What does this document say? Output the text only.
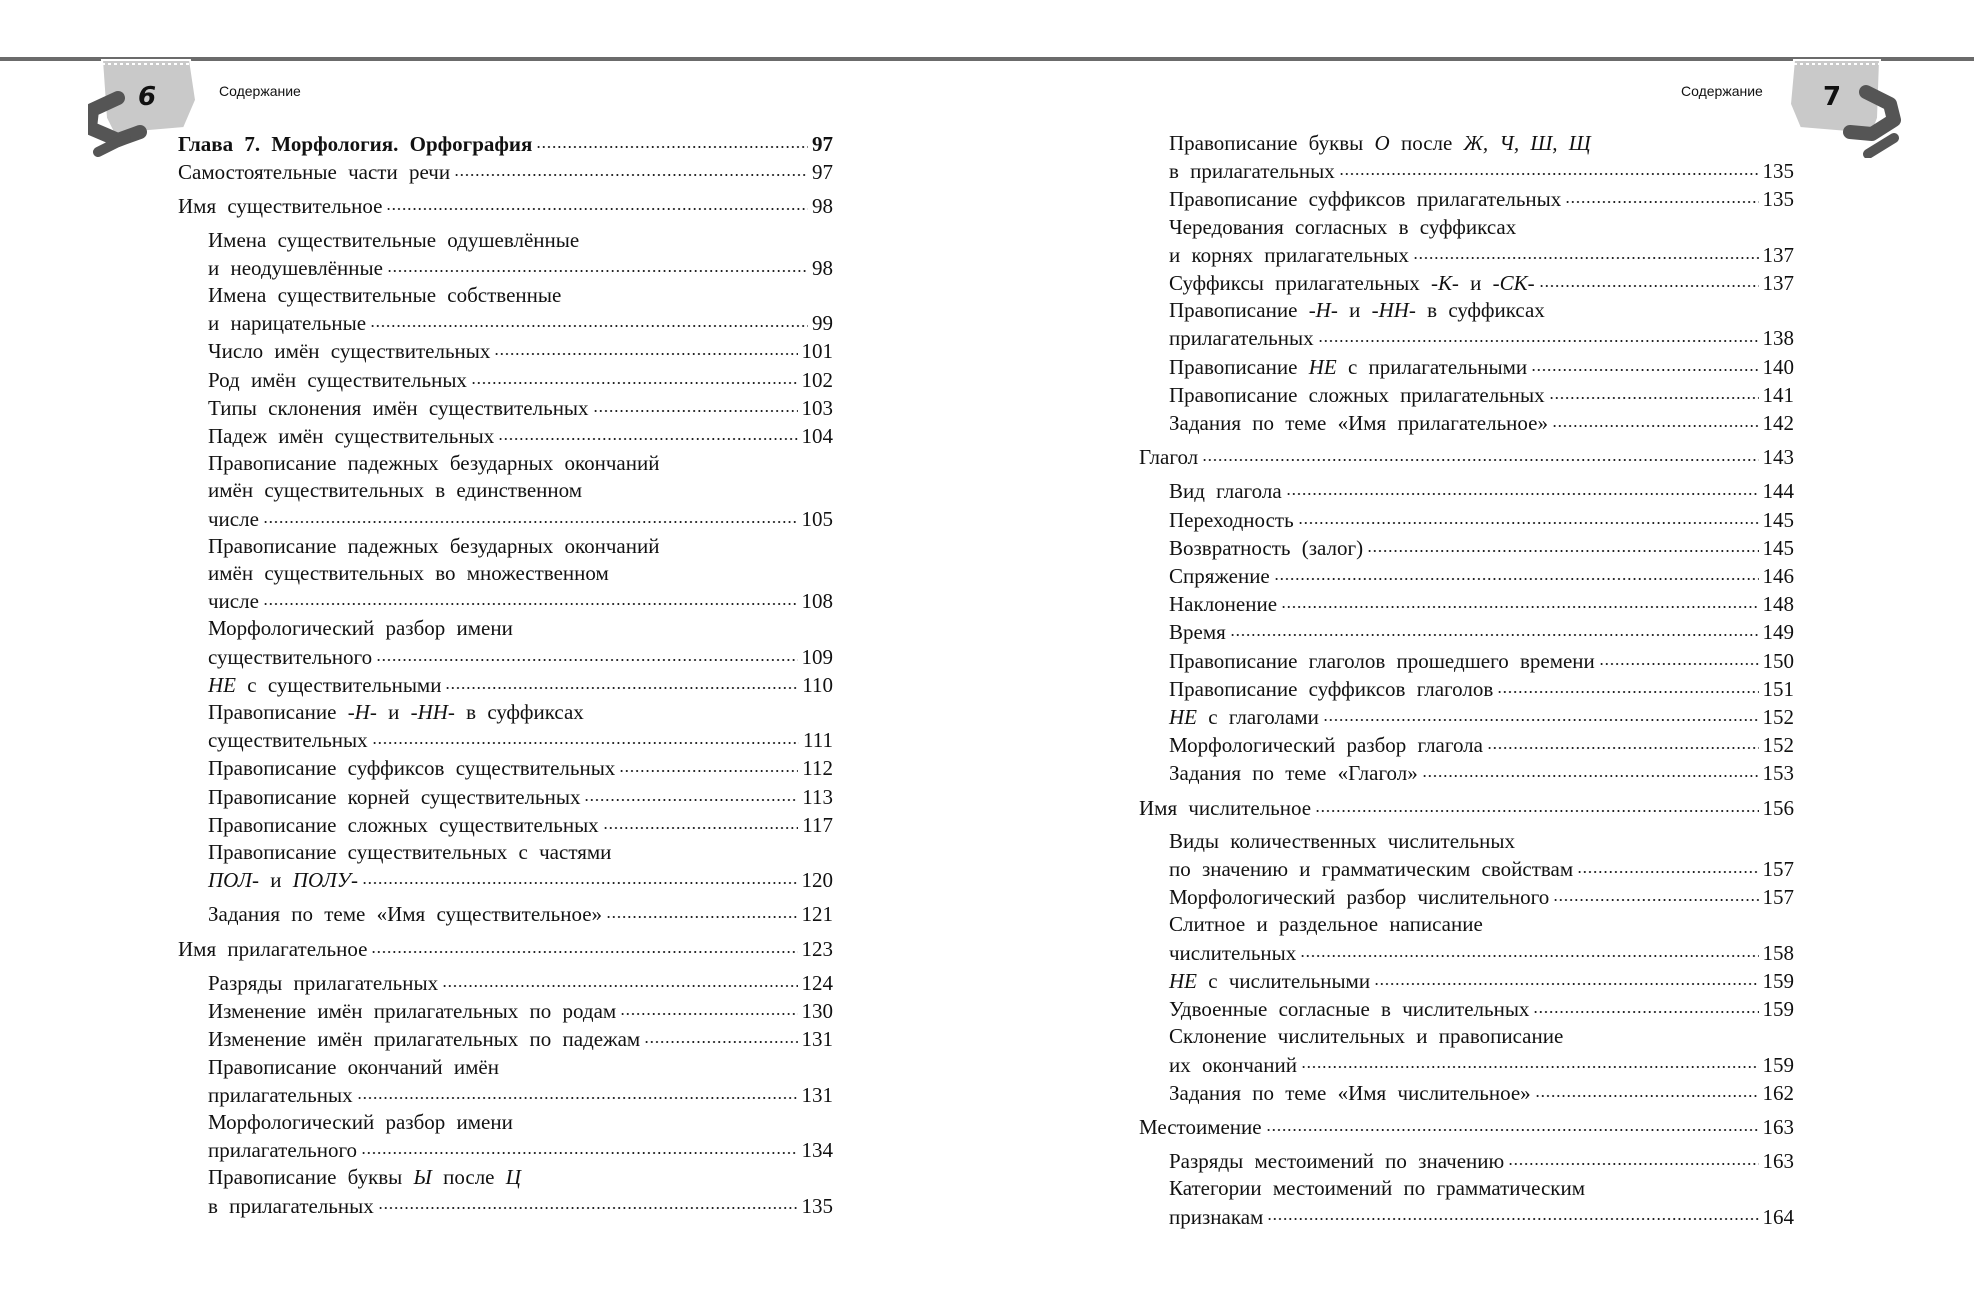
6	Содержание	7
Содержание
Глава 7. Морфология. Орфография	97
Самостоятельные части речи	97
Имя существительное	98
Имена существительные одушевлённые
и неодушевлённые	98
Имена существительные собственные
и нарицательные	99
Число имён существительных	101
Род имён существительных	102
Типы склонения имён существительных	103
Падеж имён существительных	104
Правописание падежных безударных окончаний
имён существительных в единственном
числе	105
Правописание падежных безударных окончаний
имён существительных во множественном
числе	108
Морфологический разбор имени
существительного	109
НЕ с существительными	110
Правописание -Н- и -НН- в суффиксах
существительных	111
Правописание суффиксов существительных	112
Правописание корней существительных	113
Правописание сложных существительных	117
Правописание существительных с частями
ПОЛ- и ПОЛУ-	120
Задания по теме «Имя существительное»	121
Имя прилагательное	123
Разряды прилагательных	124
Изменение имён прилагательных по родам	130
Изменение имён прилагательных по падежам	131
Правописание окончаний имён
прилагательных	131
Морфологический разбор имени
прилагательного	134
Правописание буквы Ы после Ц
в прилагательных	135
Правописание буквы О после Ж, Ч, Ш, Щ
в прилагательных	135
Правописание суффиксов прилагательных	135
Чередования согласных в суффиксах
и корнях прилагательных	137
Суффиксы прилагательных -К- и -СК-	137
Правописание -Н- и -НН- в суффиксах
прилагательных	138
Правописание НЕ с прилагательными	140
Правописание сложных прилагательных	141
Задания по теме «Имя прилагательное»	142
Глагол	143
Вид глагола	144
Переходность	145
Возвратность (залог)	145
Спряжение	146
Наклонение	148
Время	149
Правописание глаголов прошедшего времени	150
Правописание суффиксов глаголов	151
НЕ с глаголами	152
Морфологический разбор глагола	152
Задания по теме «Глагол»	153
Имя числительное	156
Виды количественных числительных
по значению и грамматическим свойствам	157
Морфологический разбор числительного	157
Слитное и раздельное написание
числительных	158
НЕ с числительными	159
Удвоенные согласные в числительных	159
Склонение числительных и правописание
их окончаний	159
Задания по теме «Имя числительное»	162
Местоимение	163
Разряды местоимений по значению	163
Категории местоимений по грамматическим
признакам	164
